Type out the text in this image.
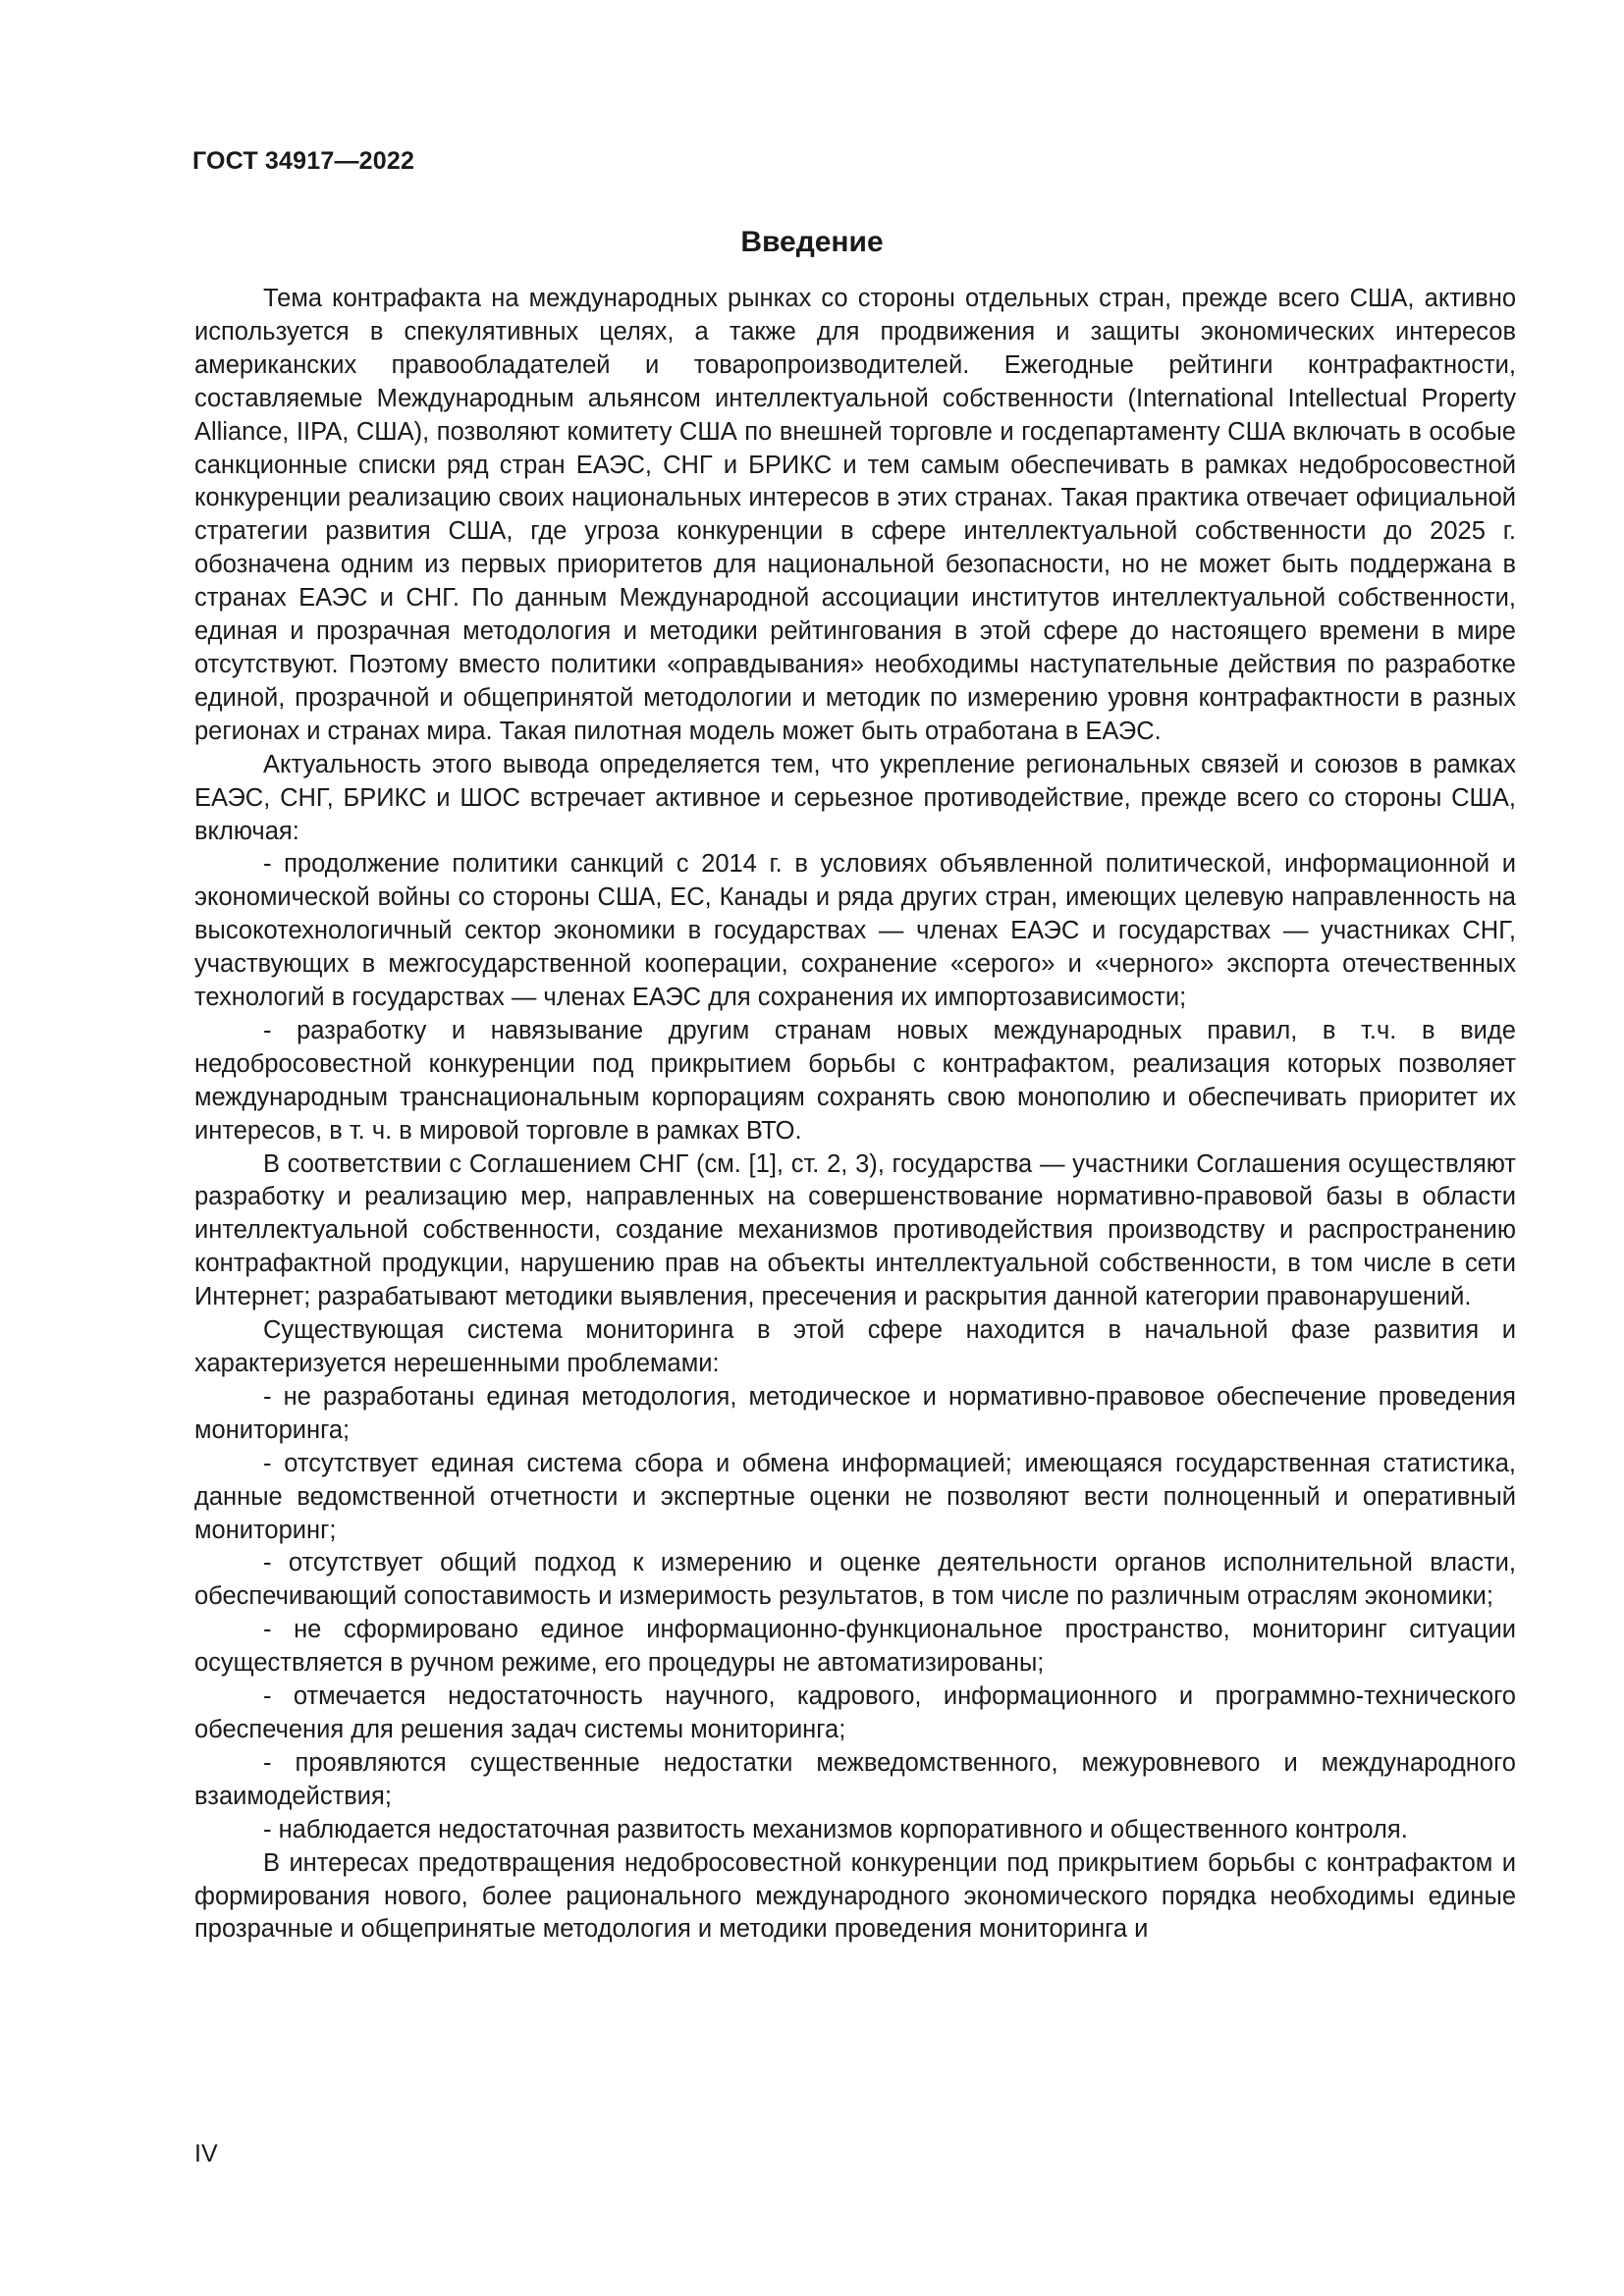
ГОСТ 34917—2022
Введение

Тема контрафакта на международных рынках со стороны отдельных стран, прежде всего США, активно используется в спекулятивных целях, а также для продвижения и защиты экономических интересов американских правообладателей и товаропроизводителей. Ежегодные рейтинги контрафактности, составляемые Международным альянсом интеллектуальной собственности (International Intellectual Property Alliance, IIPA, США), позволяют комитету США по внешней торговле и госдепартаменту США включать в особые санкционные списки ряд стран ЕАЭС, СНГ и БРИКС и тем самым обеспечивать в рамках недобросовестной конкуренции реализацию своих национальных интересов в этих странах. Такая практика отвечает официальной стратегии развития США, где угроза конкуренции в сфере интеллектуальной собственности до 2025 г. обозначена одним из первых приоритетов для национальной безопасности, но не может быть поддержана в странах ЕАЭС и СНГ. По данным Международной ассоциации институтов интеллектуальной собственности, единая и прозрачная методология и методики рейтингования в этой сфере до настоящего времени в мире отсутствуют. Поэтому вместо политики «оправдывания» необходимы наступательные действия по разработке единой, прозрачной и общепринятой методологии и методик по измерению уровня контрафактности в разных регионах и странах мира. Такая пилотная модель может быть отработана в ЕАЭС.

Актуальность этого вывода определяется тем, что укрепление региональных связей и союзов в рамках ЕАЭС, СНГ, БРИКС и ШОС встречает активное и серьезное противодействие, прежде всего со стороны США, включая:

- продолжение политики санкций с 2014 г. в условиях объявленной политической, информационной и экономической войны со стороны США, ЕС, Канады и ряда других стран, имеющих целевую направленность на высокотехнологичный сектор экономики в государствах — членах ЕАЭС и государствах — участниках СНГ, участвующих в межгосударственной кооперации, сохранение «серого» и «черного» экспорта отечественных технологий в государствах — членах ЕАЭС для сохранения их импортозависимости;

- разработку и навязывание другим странам новых международных правил, в т.ч. в виде недобросовестной конкуренции под прикрытием борьбы с контрафактом, реализация которых позволяет международным транснациональным корпорациям сохранять свою монополию и обеспечивать приоритет их интересов, в т. ч. в мировой торговле в рамках ВТО.

В соответствии с Соглашением СНГ (см. [1], ст. 2, 3), государства — участники Соглашения осуществляют разработку и реализацию мер, направленных на совершенствование нормативно-правовой базы в области интеллектуальной собственности, создание механизмов противодействия производству и распространению контрафактной продукции, нарушению прав на объекты интеллектуальной собственности, в том числе в сети Интернет; разрабатывают методики выявления, пресечения и раскрытия данной категории правонарушений.

Существующая система мониторинга в этой сфере находится в начальной фазе развития и характеризуется нерешенными проблемами:

- не разработаны единая методология, методическое и нормативно-правовое обеспечение проведения мониторинга;

- отсутствует единая система сбора и обмена информацией; имеющаяся государственная статистика, данные ведомственной отчетности и экспертные оценки не позволяют вести полноценный и оперативный мониторинг;

- отсутствует общий подход к измерению и оценке деятельности органов исполнительной власти, обеспечивающий сопоставимость и измеримость результатов, в том числе по различным отраслям экономики;

- не сформировано единое информационно-функциональное пространство, мониторинг ситуации осуществляется в ручном режиме, его процедуры не автоматизированы;

- отмечается недостаточность научного, кадрового, информационного и программно-технического обеспечения для решения задач системы мониторинга;

- проявляются существенные недостатки межведомственного, межуровневого и международного взаимодействия;

- наблюдается недостаточная развитость механизмов корпоративного и общественного контроля.

В интересах предотвращения недобросовестной конкуренции под прикрытием борьбы с контрафактом и формирования нового, более рационального международного экономического порядка необходимы единые прозрачные и общепринятые методология и методики проведения мониторинга и

IV
